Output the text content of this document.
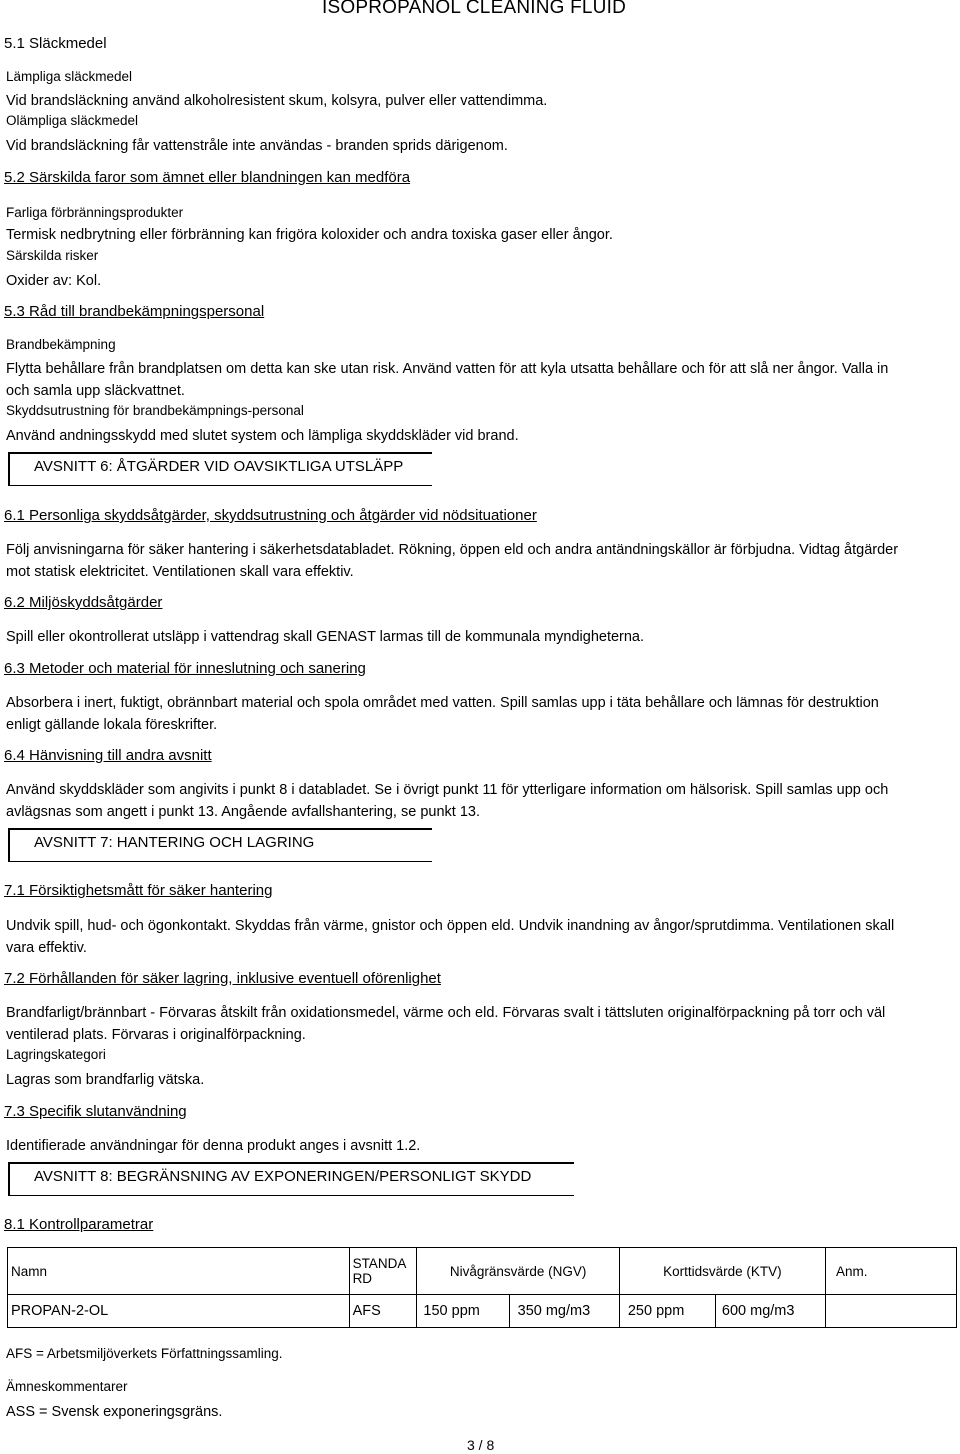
ISOPROPANOL CLEANING FLUID
5.1 Släckmedel
Lämpliga släckmedel
Vid brandsläckning använd alkoholresistent skum, kolsyra, pulver eller vattendimma.
Olämpliga släckmedel
Vid brandsläckning får vattenstråle inte användas - branden sprids därigenom.
5.2 Särskilda faror som ämnet eller blandningen kan medföra
Farliga förbränningsprodukter
Termisk nedbrytning eller förbränning kan frigöra koloxider och andra toxiska gaser eller ångor.
Särskilda risker
Oxider av: Kol.
5.3 Råd till brandbekämpningspersonal
Brandbekämpning
Flytta behållare från brandplatsen om detta kan ske utan risk. Använd vatten för att kyla utsatta behållare och för att slå ner ångor. Valla in och samla upp släckvattnet.
Skyddsutrustning för brandbekämpnings-personal
Använd andningsskydd med slutet system och lämpliga skyddskläder vid brand.
AVSNITT 6: ÅTGÄRDER VID OAVSIKTLIGA UTSLÄPP
6.1 Personliga skyddsåtgärder, skyddsutrustning och åtgärder vid nödsituationer
Följ anvisningarna för säker hantering i säkerhetsdatabladet. Rökning, öppen eld och andra antändningskällor är förbjudna. Vidtag åtgärder mot statisk elektricitet. Ventilationen skall vara effektiv.
6.2 Miljöskyddsåtgärder
Spill eller okontrollerat utsläpp i vattendrag skall GENAST larmas till de kommunala myndigheterna.
6.3 Metoder och material för inneslutning och sanering
Absorbera i inert, fuktigt, obrännbart material och spola området med vatten. Spill samlas upp i täta behållare och lämnas för destruktion enligt gällande lokala föreskrifter.
6.4 Hänvisning till andra avsnitt
Använd skyddskläder som angivits i punkt 8 i databladet. Se i övrigt punkt 11 för ytterligare information om hälsorisk. Spill samlas upp och avlägsnas som angett i punkt 13. Angående avfallshantering, se punkt 13.
AVSNITT 7: HANTERING OCH LAGRING
7.1 Försiktighetsmått för säker hantering
Undvik spill, hud- och ögonkontakt. Skyddas från värme, gnistor och öppen eld. Undvik inandning av ångor/sprutdimma. Ventilationen skall vara effektiv.
7.2 Förhållanden för säker lagring, inklusive eventuell oförenlighet
Brandfarligt/brännbart - Förvaras åtskilt från oxidationsmedel, värme och eld. Förvaras svalt i tättsluten originalförpackning på torr och väl ventilerad plats. Förvaras i originalförpackning.
Lagringskategori
Lagras som brandfarlig vätska.
7.3 Specifik slutanvändning
Identifierade användningar för denna produkt anges i avsnitt 1.2.
AVSNITT 8: BEGRÄNSNING AV EXPONERINGEN/PERSONLIGT SKYDD
8.1 Kontrollparametrar
Namn	STANDARD	Nivågränsvärde (NGV)		Korttidsvärde (KTV)		Anm.
PROPAN-2-OL	AFS	150 ppm	350 mg/m3	250 ppm	600 mg/m3	
AFS = Arbetsmiljöverkets Författningssamling.
Ämneskommentarer
ASS = Svensk exponeringsgräns.
3 / 8
